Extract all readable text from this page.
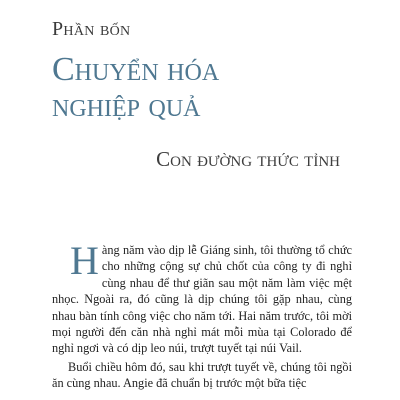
Phần bốn
Chuyển hóa
nghiệp quả
Con đường thức tỉnh

Hàng năm vào dịp lễ Giáng sinh, tôi thường tổ chức cho những cộng sự chủ chốt của công ty đi nghỉ cùng nhau để thư giãn sau một năm làm việc mệt nhọc. Ngoài ra, đó cũng là dịp chúng tôi gặp nhau, cùng nhau bàn tính công việc cho năm tới. Hai năm trước, tôi mời mọi người đến căn nhà nghỉ mát mỗi mùa tại Colorado để nghỉ ngơi và có dịp leo núi, trượt tuyết tại núi Vail.

Buổi chiều hôm đó, sau khi trượt tuyết về, chúng tôi ngồi ăn cùng nhau. Angie đã chuẩn bị trước một bữa tiệc
